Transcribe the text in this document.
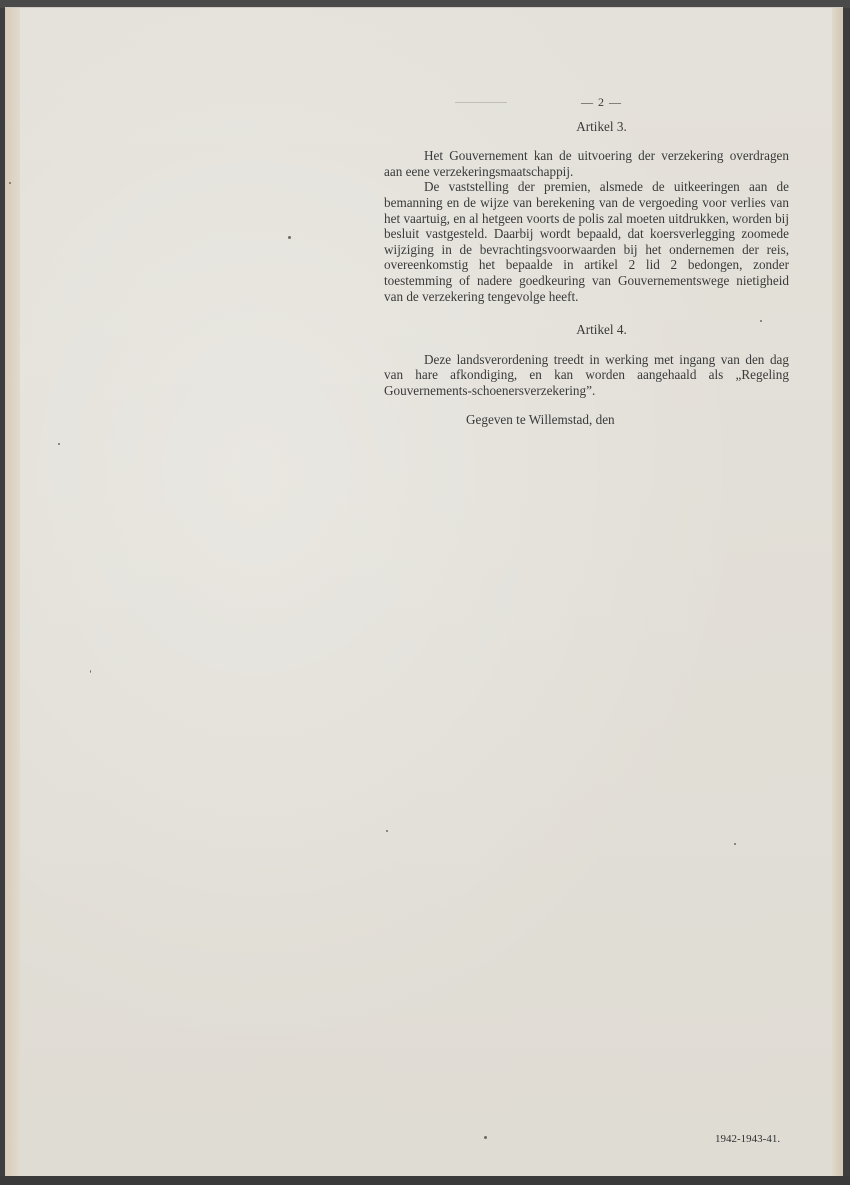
— 2 —
Artikel 3.

Het Gouvernement kan de uitvoering der verzekering overdragen aan eene verzekeringsmaatschappij.

De vaststelling der premien, alsmede de uitkeeringen aan de bemanning en de wijze van berekening van de vergoeding voor verlies van het vaartuig, en al hetgeen voorts de polis zal moeten uitdrukken, worden bij besluit vastgesteld. Daarbij wordt bepaald, dat koersverlegging zoomede wijziging in de bevrachtingsvoorwaarden bij het ondernemen der reis, overeenkomstig het bepaalde in artikel 2 lid 2 bedongen, zonder toestemming of nadere goedkeuring van Gouvernementswege nietigheid van de verzekering tengevolge heeft.

Artikel 4.

Deze landsverordening treedt in werking met ingang van den dag van hare afkondiging, en kan worden aangehaald als „Regeling Gouvernements-schoenersverzekering”.

Gegeven te Willemstad, den

1942-1943-41.
